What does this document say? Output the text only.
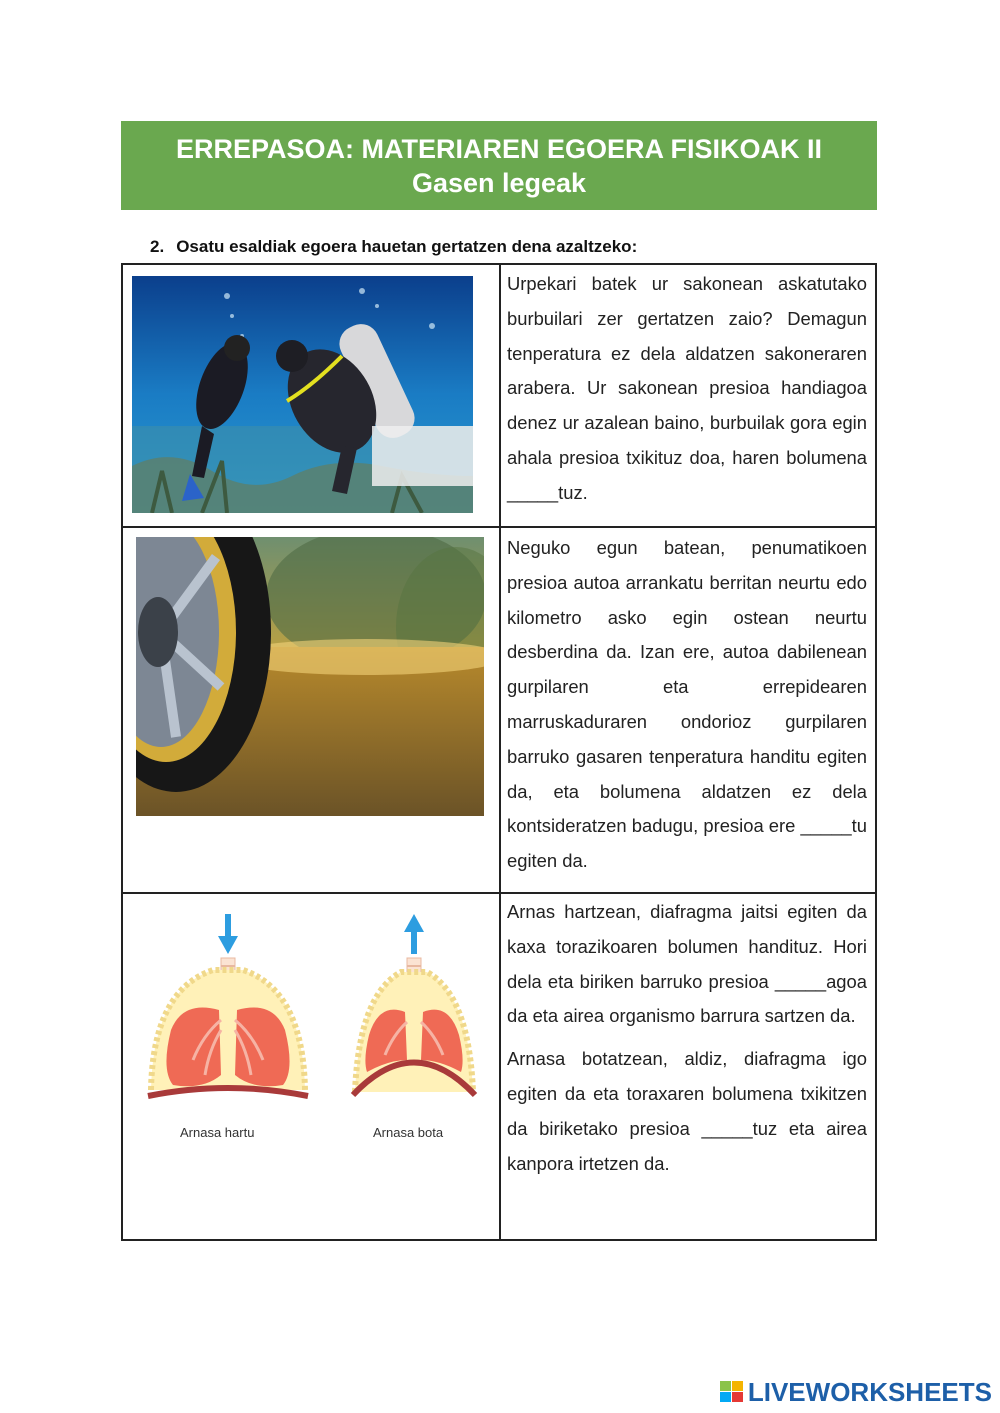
ERREPASOA: MATERIAREN EGOERA FISIKOAK II
Gasen legeak
2. Osatu esaldiak egoera hauetan gertatzen dena azaltzeko:

Urpekari batek ur sakonean askatutako burbuilari zer gertatzen zaio? Demagun tenperatura ez dela aldatzen sakoneraren arabera. Ur sakonean presioa handiagoa denez ur azalean baino, burbuilak gora egin ahala presioa txikituz doa, haren bolumena _____tuz.

Neguko egun batean, penumatikoen presioa autoa arrankatu berritan neurtu edo kilometro asko egin ostean neurtu desberdina da. Izan ere, autoa dabilenean gurpilaren eta errepidearen marruskaduraren ondorioz gurpilaren barruko gasaren tenperatura handitu egiten da, eta bolumena aldatzen ez dela kontsideratzen badugu, presioa ere _____tu egiten da.

Arnasa hartu	Arnasa bota

Arnas hartzean, diafragma jaitsi egiten da kaxa torazikoaren bolumen handituz. Hori dela eta biriken barruko presioa _____agoa da eta airea organismo barrura sartzen da.

Arnasa botatzean, aldiz, diafragma igo egiten da eta toraxaren bolumena txikitzen da biriketako presioa _____tuz eta airea kanpora irtetzen da.

LIVEWORKSHEETS
